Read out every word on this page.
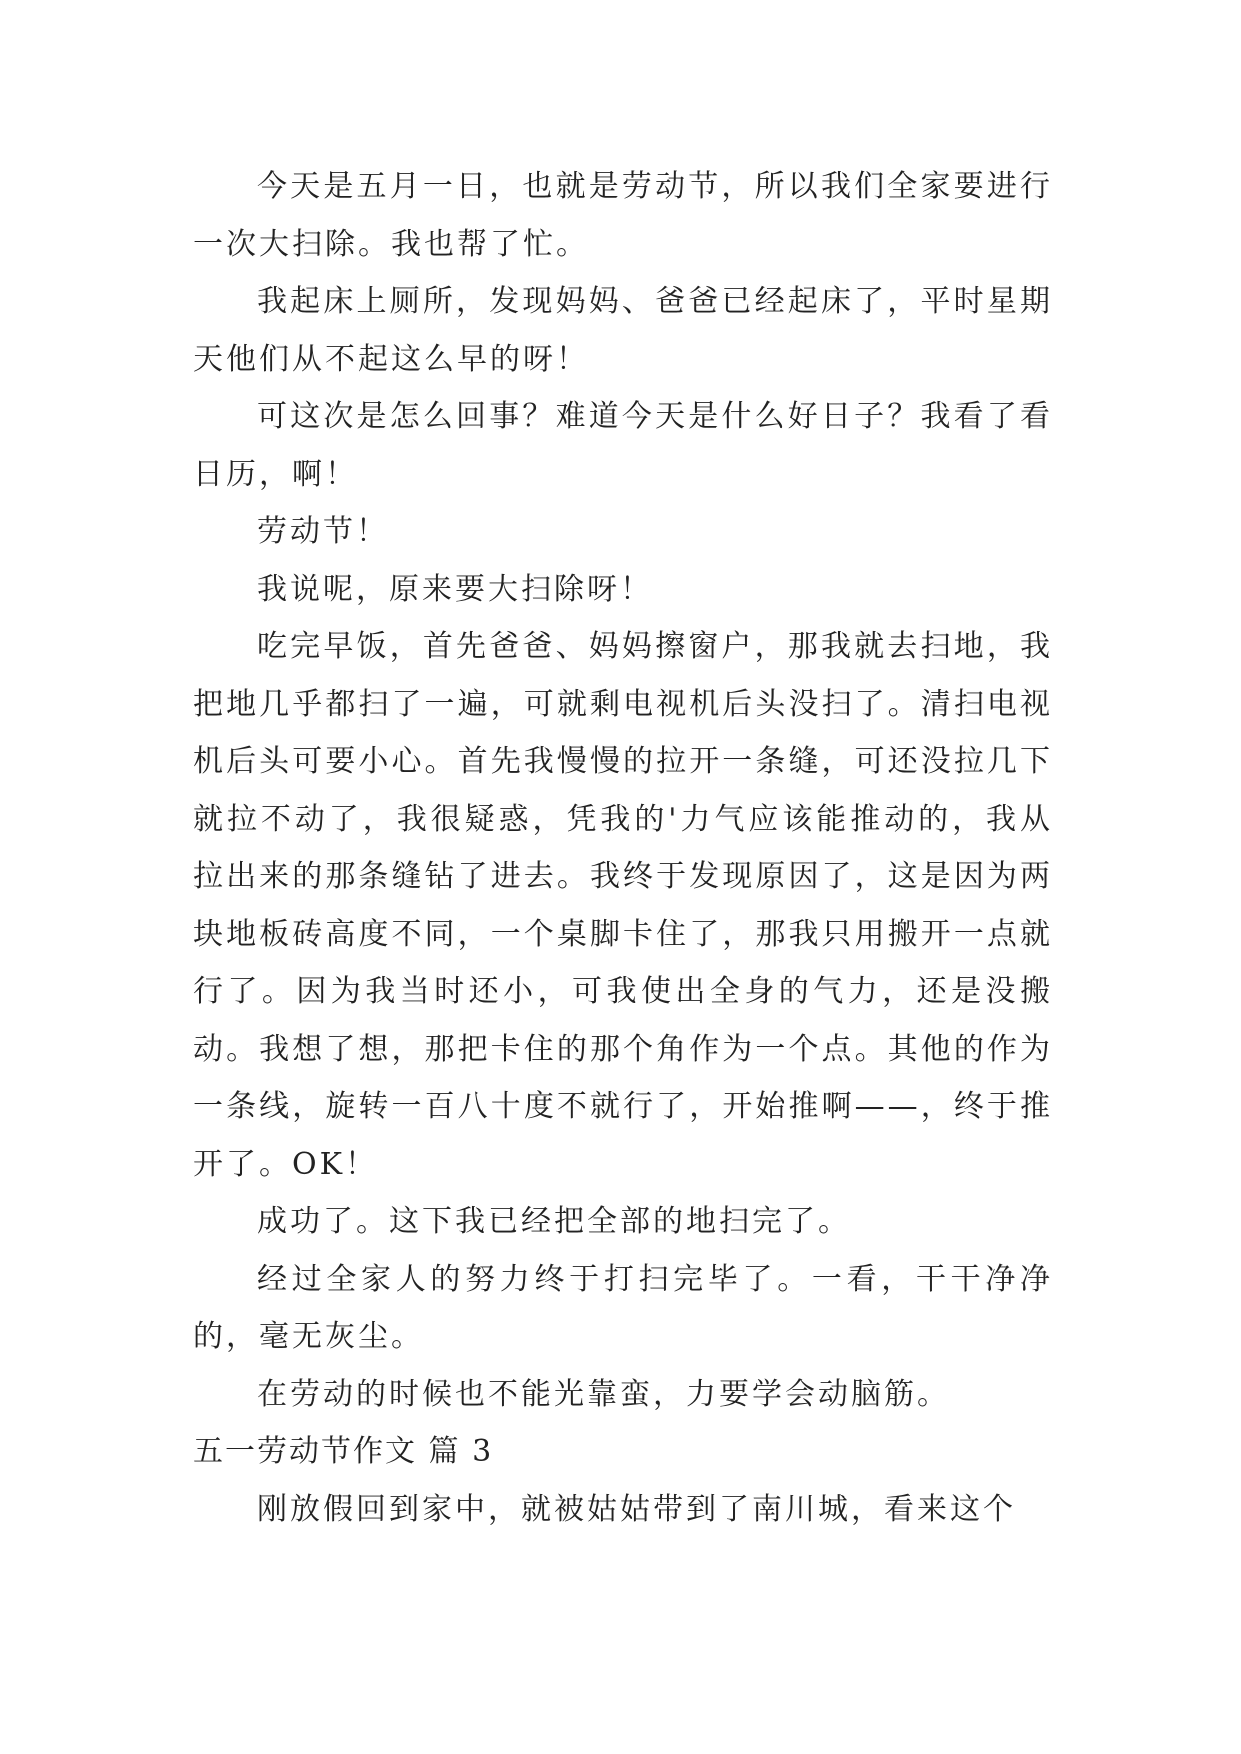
今天是五月一日，也就是劳动节，所以我们全家要进行一次大扫除。我也帮了忙。

我起床上厕所，发现妈妈、爸爸已经起床了，平时星期天他们从不起这么早的呀！

可这次是怎么回事？难道今天是什么好日子？我看了看日历，啊！

劳动节！

我说呢，原来要大扫除呀！

吃完早饭，首先爸爸、妈妈擦窗户，那我就去扫地，我把地几乎都扫了一遍，可就剩电视机后头没扫了。清扫电视机后头可要小心。首先我慢慢的拉开一条缝，可还没拉几下就拉不动了，我很疑惑，凭我的'力气应该能推动的，我从拉出来的那条缝钻了进去。我终于发现原因了，这是因为两块地板砖高度不同，一个桌脚卡住了，那我只用搬开一点就行了。因为我当时还小，可我使出全身的气力，还是没搬动。我想了想，那把卡住的那个角作为一个点。其他的作为一条线，旋转一百八十度不就行了，开始推啊——，终于推开了。OK！

成功了。这下我已经把全部的地扫完了。

经过全家人的努力终于打扫完毕了。一看，干干净净的，毫无灰尘。

在劳动的时候也不能光靠蛮，力要学会动脑筋。

五一劳动节作文 篇 3

刚放假回到家中，就被姑姑带到了南川城，看来这个
